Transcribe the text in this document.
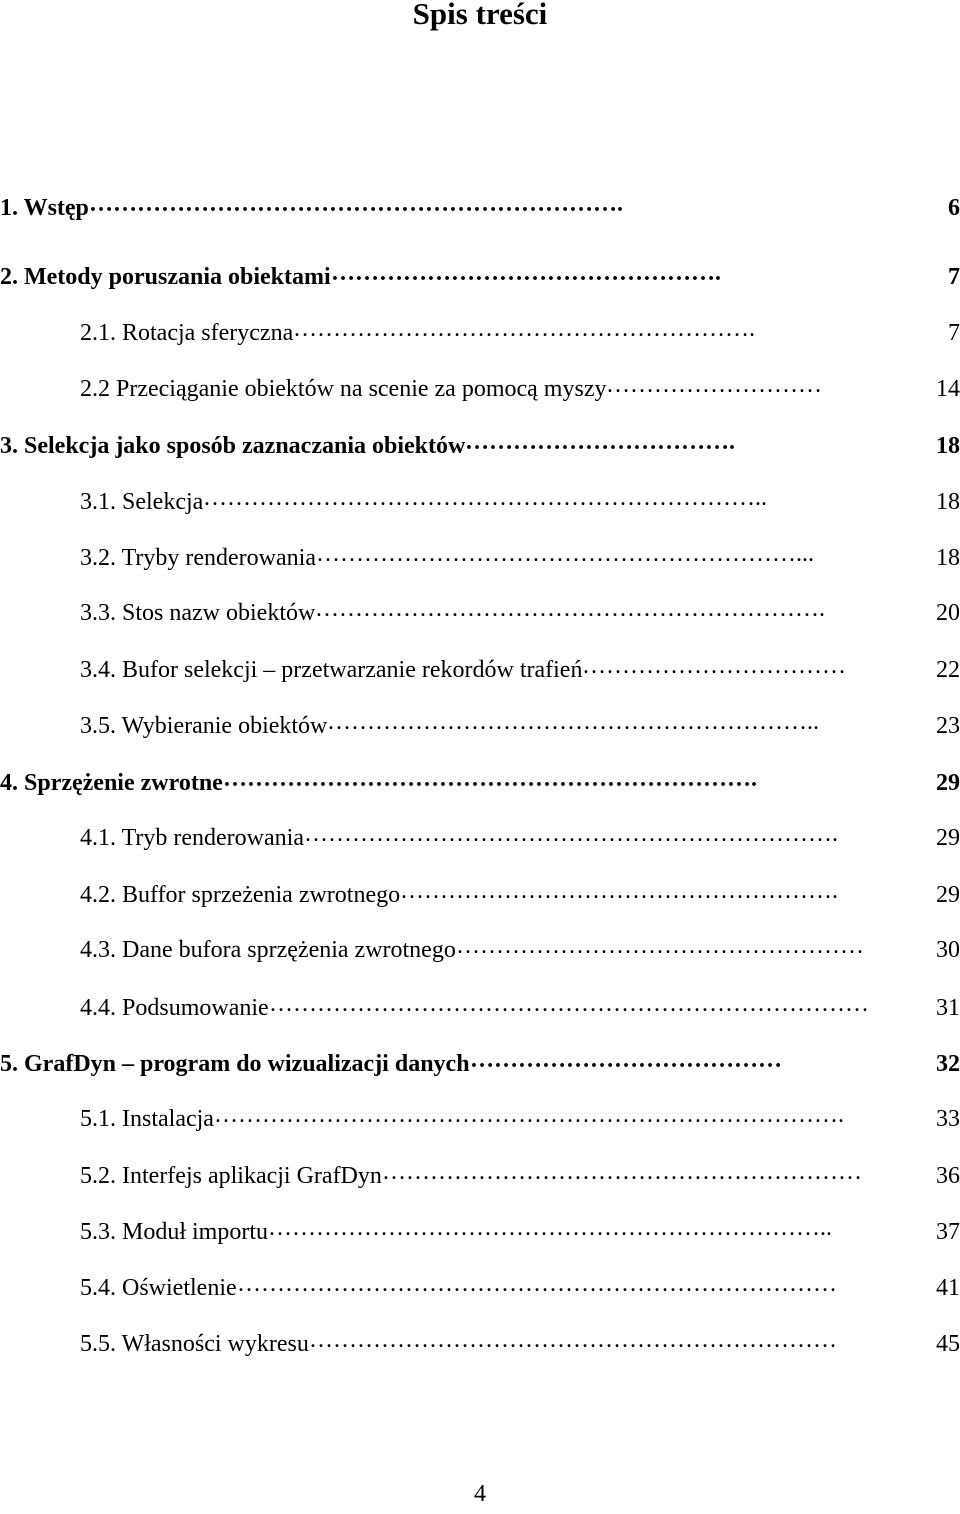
Spis treści
1. Wstęp ………………………………………………………….	6
2. Metody poruszania obiektami ………………………………………….	7
2.1. Rotacja sferyczna ………………………………………………….	7
2.2 Przeciąganie obiektów na scenie za pomocą myszy ………………………	14
3. Selekcja jako sposób zaznaczania obiektów …………………………….	18
3.1. Selekcja ……………………………………………………………..	18
3.2. Tryby renderowania ……………………………………………………...	18
3.3. Stos nazw obiektów ……………………………………………………….	20
3.4. Bufor selekcji – przetwarzanie rekordów trafień ……………………………	22
3.5. Wybieranie obiektów ……………………………………………………..	23
4. Sprzężenie zwrotne ………………………………………………………….	29
4.1. Tryb renderowania ………………………………………………………….	29
4.2. Buffor sprzeżenia zwrotnego ……………………………………………….	29
4.3. Dane bufora sprzężenia zwrotnego ……………………………………………	30
4.4. Podsumowanie …………………………………………………………………	31
5. GrafDyn – program do wizualizacji danych …………………………………	32
5.1. Instalacja …………………………………………………………………….	33
5.2. Interfejs aplikacji GrafDyn ……………………………………………………	36
5.3. Moduł importu ……………………………………………………………..	37
5.4. Oświetlenie …………………………………………………………………	41
5.5. Własności wykresu …………………………………………………………	45
4
